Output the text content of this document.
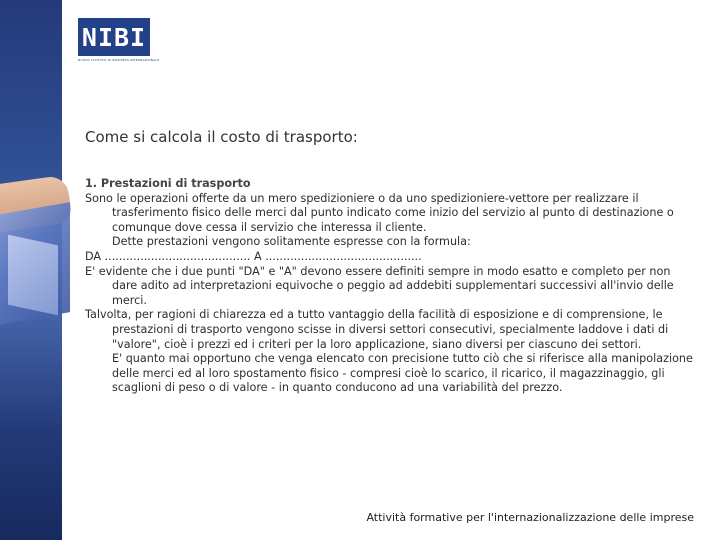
NIBI
NUOVO ISTITUTO DI BUSINESS INTERNAZIONALE
Come si calcola il costo di trasporto:

1. Prestazioni di trasporto

Sono le operazioni offerte da un mero spedizioniere o da uno spedizioniere-vettore per realizzare il trasferimento fisico delle merci dal punto indicato come inizio del servizio al punto di destinazione o comunque dove cessa il servizio che interessa il cliente.

Dette prestazioni vengono solitamente espresse con la formula:

DA ......................................... A ............................................

E' evidente che i due punti "DA" e "A" devono essere definiti sempre in modo esatto e completo per non dare adito ad interpretazioni equivoche o peggio ad addebiti supplementari successivi all'invio delle merci.

Talvolta, per ragioni di chiarezza ed a tutto vantaggio della facilità di esposizione e di comprensione, le prestazioni di trasporto vengono scisse in diversi settori consecutivi, specialmente laddove i dati di "valore", cioè i prezzi ed i criteri per la loro applicazione, siano diversi per ciascuno dei settori.

E' quanto mai opportuno che venga elencato con precisione tutto ciò che si riferisce alla manipolazione delle merci ed al loro spostamento fisico - compresi cioè lo scarico, il ricarico, il magazzinaggio, gli scaglioni di peso o di valore - in quanto conducono ad una variabilità del prezzo.

Attività formative per l'internazionalizzazione delle imprese
